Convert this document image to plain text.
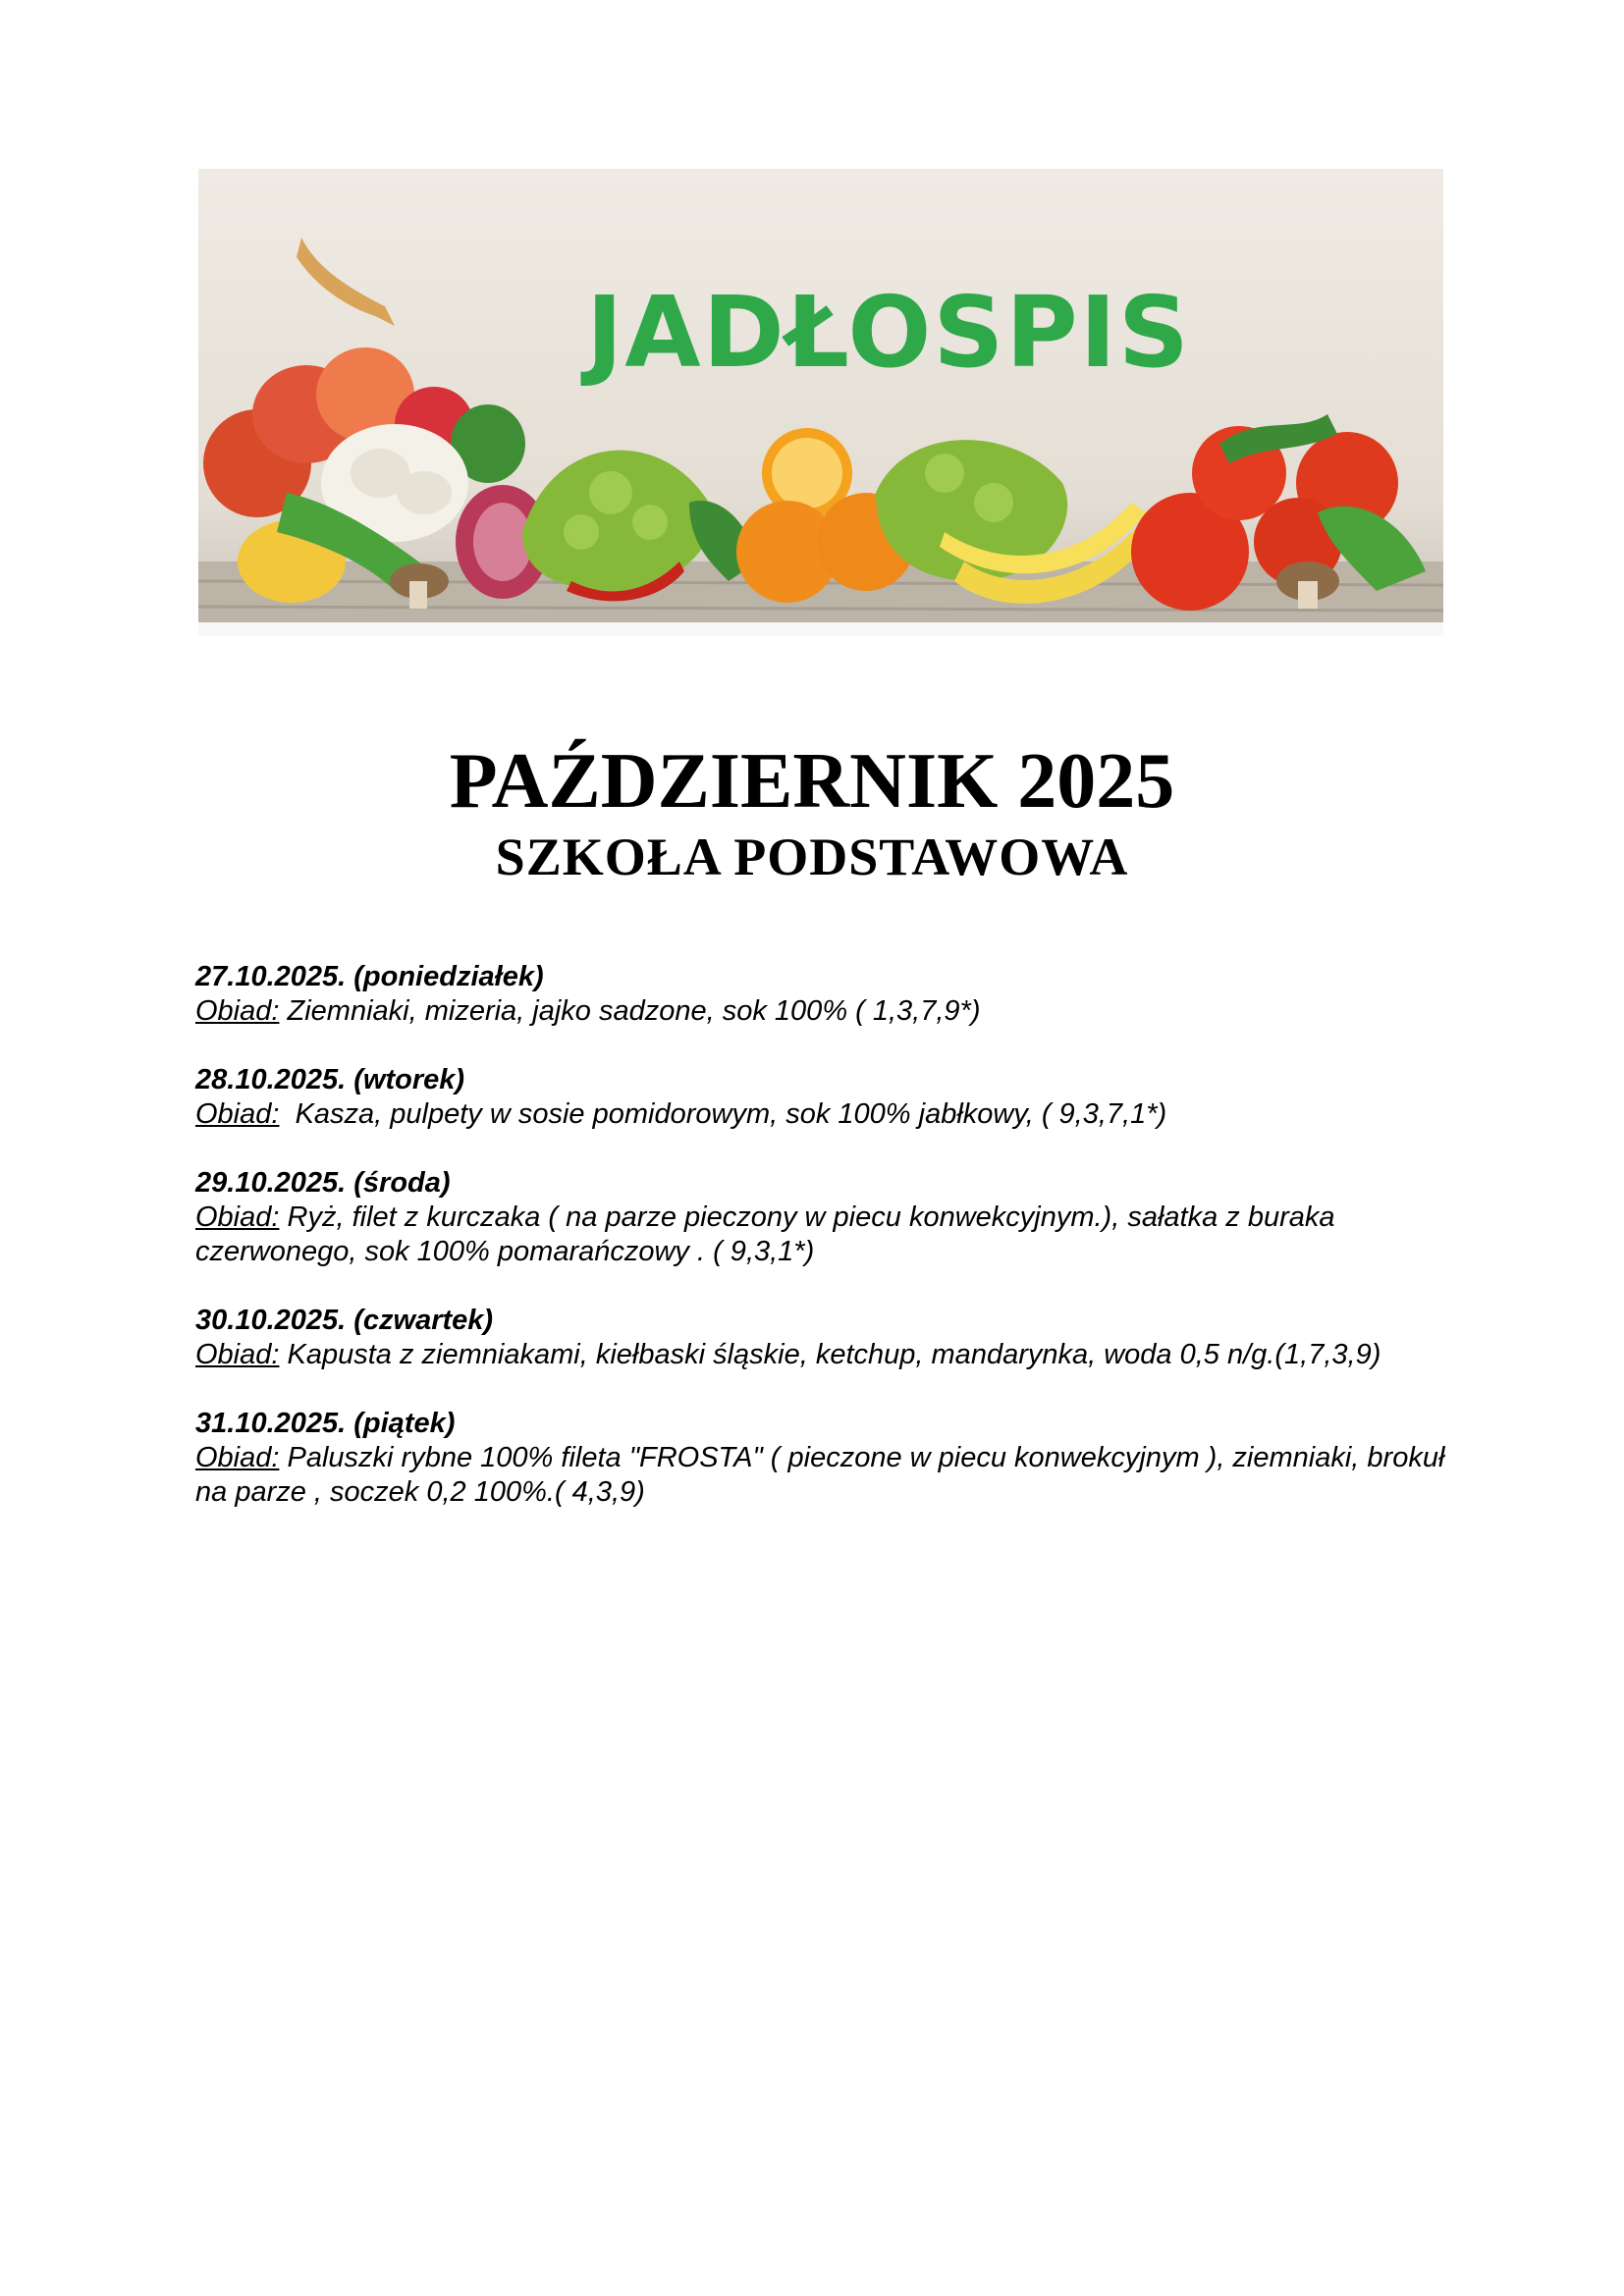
JADŁOSPIS
PAŹDZIERNIK 2025
SZKOŁA PODSTAWOWA
27.10.2025. (poniedziałek)
Obiad: Ziemniaki, mizeria, jajko sadzone, sok 100% ( 1,3,7,9*)
28.10.2025. (wtorek)
Obiad: Kasza, pulpety w sosie pomidorowym, sok 100% jabłkowy, ( 9,3,7,1*)
29.10.2025. (środa)
Obiad: Ryż, filet z kurczaka ( na parze pieczony w piecu konwekcyjnym.), sałatka z buraka czerwonego, sok 100% pomarańczowy . ( 9,3,1*)
30.10.2025. (czwartek)
Obiad: Kapusta z ziemniakami, kiełbaski śląskie, ketchup, mandarynka, woda 0,5 n/g.(1,7,3,9)
31.10.2025. (piątek)
Obiad: Paluszki rybne 100% fileta "FROSTA" ( pieczone w piecu konwekcyjnym ), ziemniaki, brokuł na parze , soczek 0,2 100%.( 4,3,9)
